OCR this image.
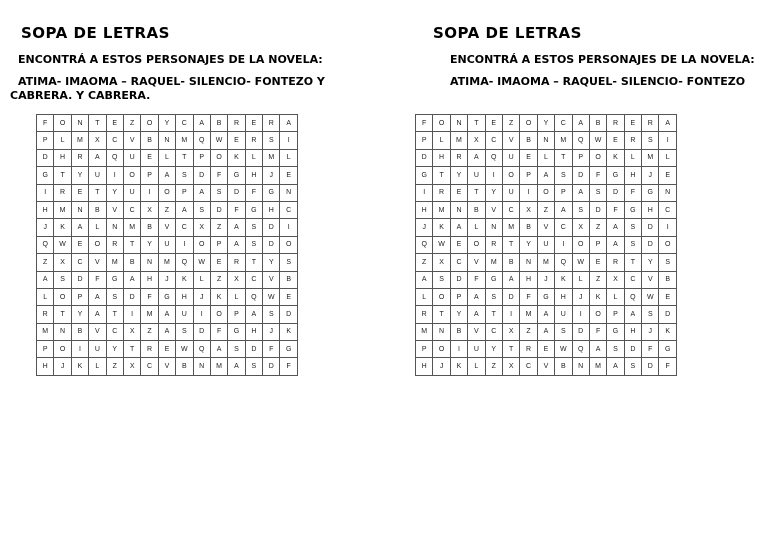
SOPA DE LETRAS
ENCONTRÁ A ESTOS PERSONAJES DE LA NOVELA:
ATIMA- IMAOMA – RAQUEL- SILENCIO- FONTEZO Y CABRERA. Y CABRERA.
F	O	N	T	E	Z	O	Y	C	A	B	R	E	R	A
P	L	M	X	C	V	B	N	M	Q	W	E	R	S	I
D	H	R	A	Q	U	E	L	T	P	O	K	L	M	L
G	T	Y	U	I	O	P	A	S	D	F	G	H	J	E
I	R	E	T	Y	U	I	O	P	A	S	D	F	G	N
H	M	N	B	V	C	X	Z	A	S	D	F	G	H	C
J	K	A	L	N	M	B	V	C	X	Z	A	S	D	I
Q	W	E	O	R	T	Y	U	I	O	P	A	S	D	O
Z	X	C	V	M	B	N	M	Q	W	E	R	T	Y	S
A	S	D	F	G	A	H	J	K	L	Z	X	C	V	B
L	O	P	A	S	D	F	G	H	J	K	L	Q	W	E
R	T	Y	A	T	I	M	A	U	I	O	P	A	S	D
M	N	B	V	C	X	Z	A	S	D	F	G	H	J	K
P	O	I	U	Y	T	R	E	W	Q	A	S	D	F	G
H	J	K	L	Z	X	C	V	B	N	M	A	S	D	F
SOPA DE LETRAS
ENCONTRÁ A ESTOS PERSONAJES DE LA NOVELA:
ATIMA- IMAOMA – RAQUEL- SILENCIO- FONTEZO
F	O	N	T	E	Z	O	Y	C	A	B	R	E	R	A
P	L	M	X	C	V	B	N	M	Q	W	E	R	S	I
D	H	R	A	Q	U	E	L	T	P	O	K	L	M	L
G	T	Y	U	I	O	P	A	S	D	F	G	H	J	E
I	R	E	T	Y	U	I	O	P	A	S	D	F	G	N
H	M	N	B	V	C	X	Z	A	S	D	F	G	H	C
J	K	A	L	N	M	B	V	C	X	Z	A	S	D	I
Q	W	E	O	R	T	Y	U	I	O	P	A	S	D	O
Z	X	C	V	M	B	N	M	Q	W	E	R	T	Y	S
A	S	D	F	G	A	H	J	K	L	Z	X	C	V	B
L	O	P	A	S	D	F	G	H	J	K	L	Q	W	E
R	T	Y	A	T	I	M	A	U	I	O	P	A	S	D
M	N	B	V	C	X	Z	A	S	D	F	G	H	J	K
P	O	I	U	Y	T	R	E	W	Q	A	S	D	F	G
H	J	K	L	Z	X	C	V	B	N	M	A	S	D	F
